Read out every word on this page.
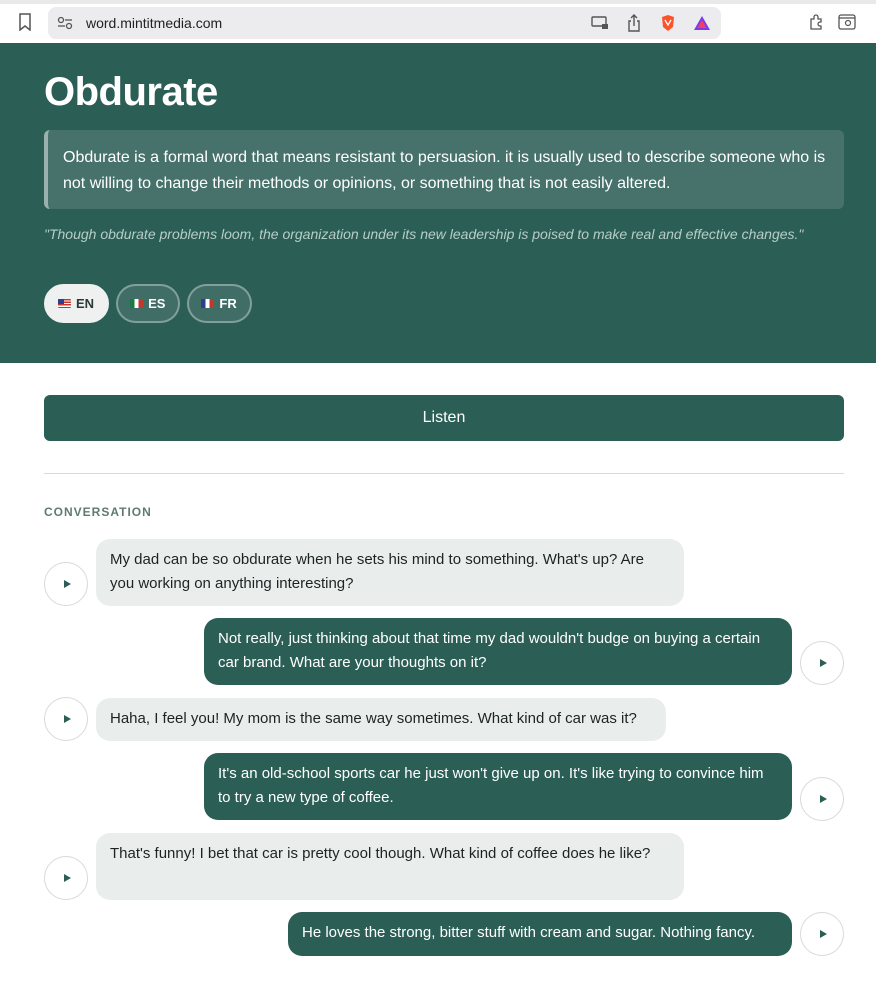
word.mintitmedia.com
Obdurate
Obdurate is a formal word that means resistant to persuasion. it is usually used to describe someone who is not willing to change their methods or opinions, or something that is not easily altered.
"Though obdurate problems loom, the organization under its new leadership is poised to make real and effective changes."
EN	ES	FR
Listen
CONVERSATION
My dad can be so obdurate when he sets his mind to something. What's up? Are you working on anything interesting?
Not really, just thinking about that time my dad wouldn't budge on buying a certain car brand. What are your thoughts on it?
Haha, I feel you! My mom is the same way sometimes. What kind of car was it?
It's an old-school sports car he just won't give up on. It's like trying to convince him to try a new type of coffee.
That's funny! I bet that car is pretty cool though. What kind of coffee does he like?
He loves the strong, bitter stuff with cream and sugar. Nothing fancy.
